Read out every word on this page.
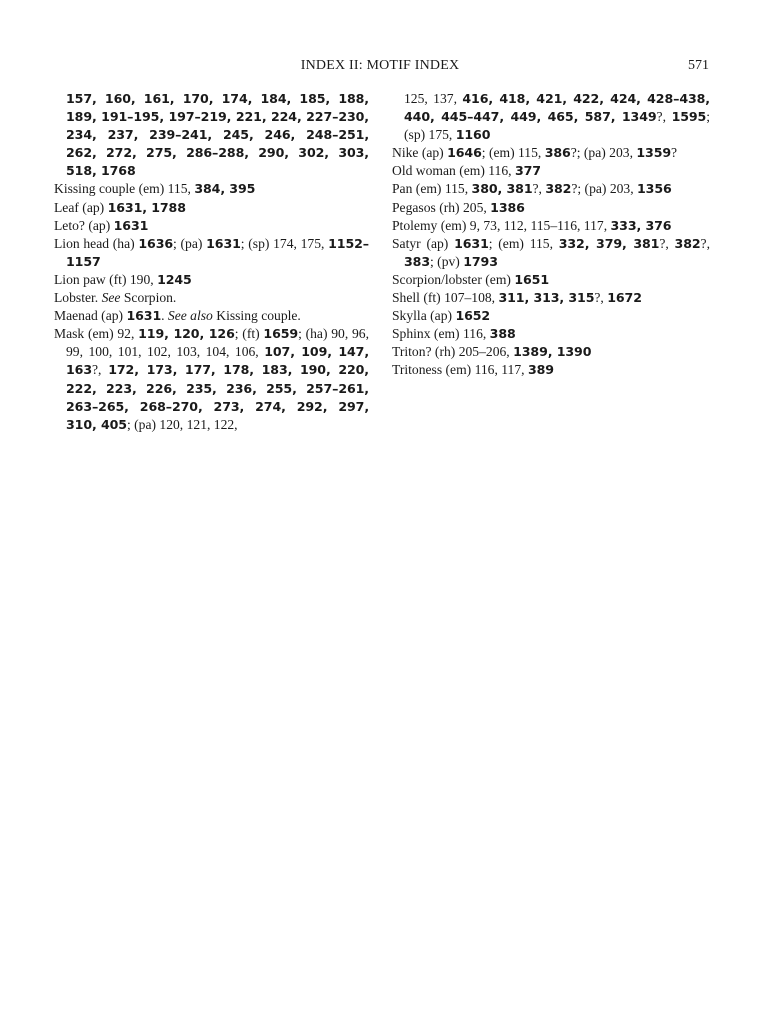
INDEX II: MOTIF INDEX	571
157, 160, 161, 170, 174, 184, 185, 188, 189, 191–195, 197–219, 221, 224, 227–230, 234, 237, 239–241, 245, 246, 248–251, 262, 272, 275, 286–288, 290, 302, 303, 518, 1768
Kissing couple (em) 115, 384, 395
Leaf (ap) 1631, 1788
Leto? (ap) 1631
Lion head (ha) 1636; (pa) 1631; (sp) 174, 175, 1152–1157
Lion paw (ft) 190, 1245
Lobster. See Scorpion.
Maenad (ap) 1631. See also Kissing couple.
Mask (em) 92, 119, 120, 126; (ft) 1659; (ha) 90, 96, 99, 100, 101, 102, 103, 104, 106, 107, 109, 147, 163?, 172, 173, 177, 178, 183, 190, 220, 222, 223, 226, 235, 236, 255, 257–261, 263–265, 268–270, 273, 274, 292, 297, 310, 405; (pa) 120, 121, 122,
125, 137, 416, 418, 421, 422, 424, 428–438, 440, 445–447, 449, 465, 587, 1349?, 1595; (sp) 175, 1160
Nike (ap) 1646; (em) 115, 386?; (pa) 203, 1359?
Old woman (em) 116, 377
Pan (em) 115, 380, 381?, 382?; (pa) 203, 1356
Pegasos (rh) 205, 1386
Ptolemy (em) 9, 73, 112, 115–116, 117, 333, 376
Satyr (ap) 1631; (em) 115, 332, 379, 381?, 382?, 383; (pv) 1793
Scorpion/lobster (em) 1651
Shell (ft) 107–108, 311, 313, 315?, 1672
Skylla (ap) 1652
Sphinx (em) 116, 388
Triton? (rh) 205–206, 1389, 1390
Tritoness (em) 116, 117, 389
